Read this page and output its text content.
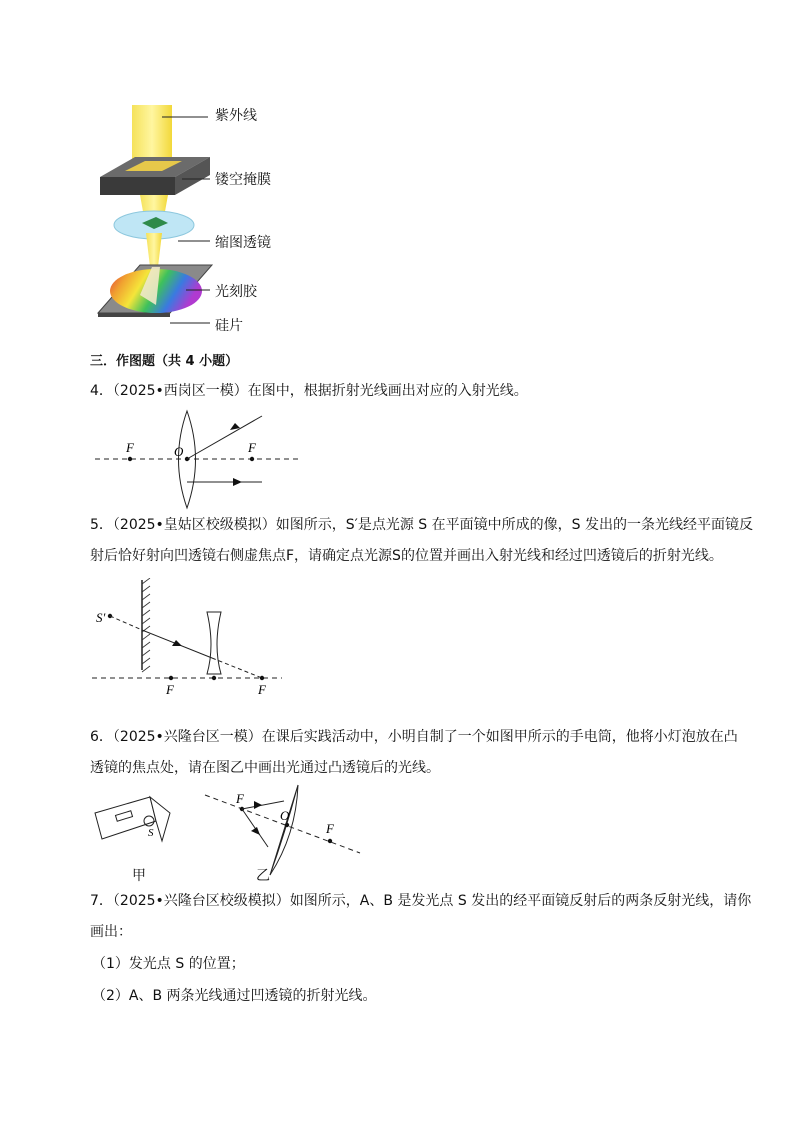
紫外线
镂空掩膜
缩图透镜
光刻胶
硅片
三．作图题（共 4 小题）
4．（2025•西岗区一模）在图中，根据折射光线画出对应的入射光线。
F	O	F
5．（2025•皇姑区校级模拟）如图所示，S′是点光源 S 在平面镜中所成的像，S 发出的一条光线经平面镜反
射后恰好射向凹透镜右侧虚焦点F，请确定点光源S的位置并画出入射光线和经过凹透镜后的折射光线。
S′
F	F
6．（2025•兴隆台区一模）在课后实践活动中，小明自制了一个如图甲所示的手电筒，他将小灯泡放在凸
透镜的焦点处，请在图乙中画出光通过凸透镜后的光线。
S
F
O
F
甲	乙
7．（2025•兴隆台区校级模拟）如图所示，A、B 是发光点 S 发出的经平面镜反射后的两条反射光线，请你
画出：
（1）发光点 S 的位置；
（2）A、B 两条光线通过凹透镜的折射光线。
